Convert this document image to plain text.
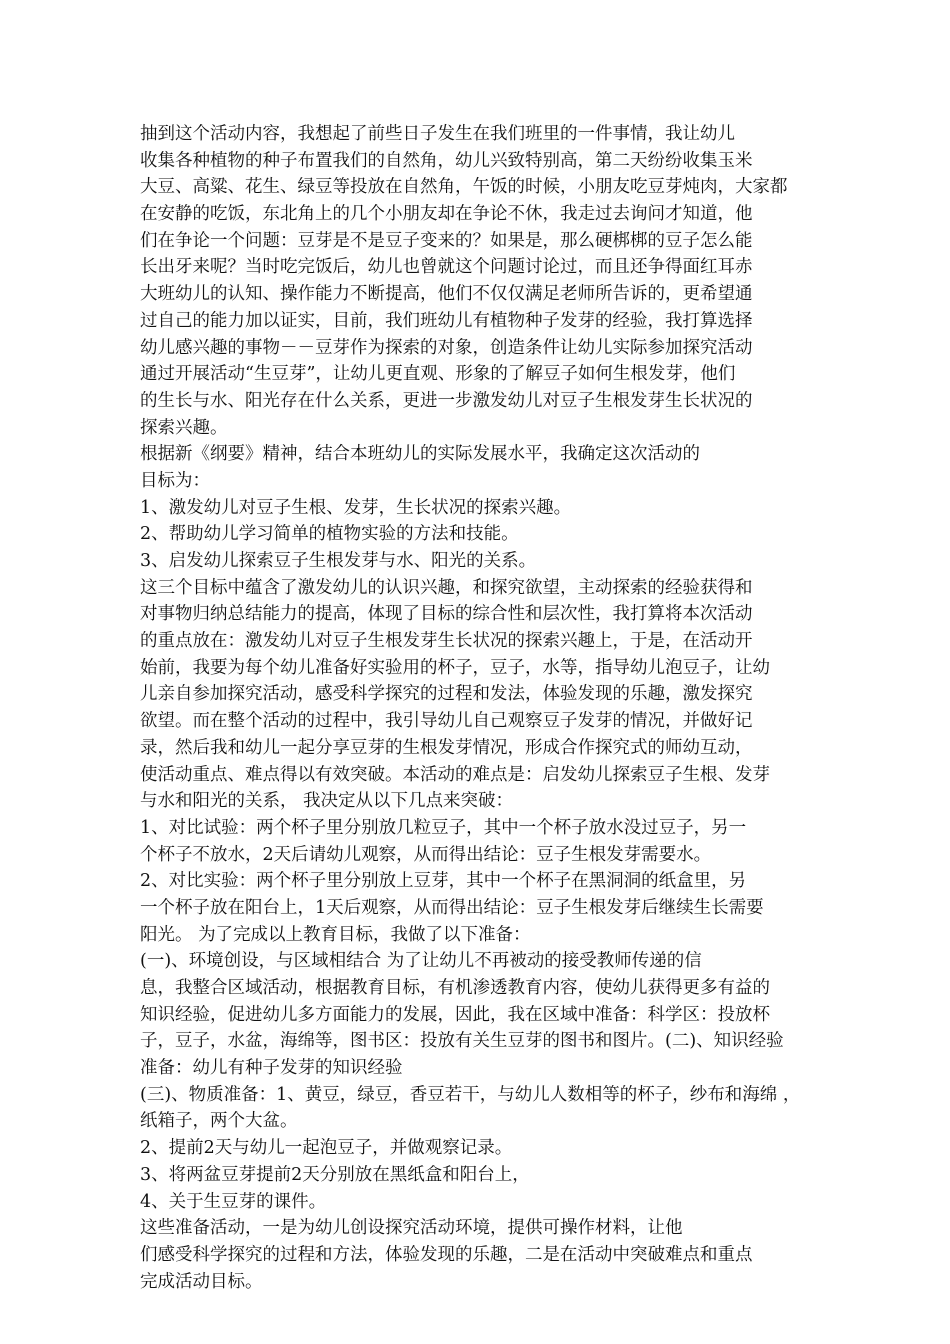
抽到这个活动内容，我想起了前些日子发生在我们班里的一件事情，我让幼儿
收集各种植物的种子布置我们的自然角，幼儿兴致特别高，第二天纷纷收集玉米
大豆、高粱、花生、绿豆等投放在自然角，午饭的时候，小朋友吃豆芽炖肉，大家都
在安静的吃饭，东北角上的几个小朋友却在争论不休，我走过去询问才知道，他
们在争论一个问题：豆芽是不是豆子变来的？如果是，那么硬梆梆的豆子怎么能
长出牙来呢？当时吃完饭后，幼儿也曾就这个问题讨论过，而且还争得面红耳赤
大班幼儿的认知、操作能力不断提高，他们不仅仅满足老师所告诉的，更希望通
过自己的能力加以证实，目前，我们班幼儿有植物种子发芽的经验，我打算选择
幼儿感兴趣的事物－－豆芽作为探索的对象，创造条件让幼儿实际参加探究活动
通过开展活动“生豆芽”，让幼儿更直观、形象的了解豆子如何生根发芽，他们
的生长与水、阳光存在什么关系，更进一步激发幼儿对豆子生根发芽生长状况的
探索兴趣。
根据新《纲要》精神，结合本班幼儿的实际发展水平，我确定这次活动的
目标为：
1、激发幼儿对豆子生根、发芽，生长状况的探索兴趣。
2、帮助幼儿学习简单的植物实验的方法和技能。
3、启发幼儿探索豆子生根发芽与水、阳光的关系。
这三个目标中蕴含了激发幼儿的认识兴趣，和探究欲望，主动探索的经验获得和
对事物归纳总结能力的提高，体现了目标的综合性和层次性，我打算将本次活动
的重点放在：激发幼儿对豆子生根发芽生长状况的探索兴趣上，于是，在活动开
始前，我要为每个幼儿准备好实验用的杯子，豆子，水等，指导幼儿泡豆子，让幼
儿亲自参加探究活动，感受科学探究的过程和发法，体验发现的乐趣，激发探究
欲望。而在整个活动的过程中，我引导幼儿自己观察豆子发芽的情况，并做好记
录，然后我和幼儿一起分享豆芽的生根发芽情况，形成合作探究式的师幼互动，
使活动重点、难点得以有效突破。本活动的难点是：启发幼儿探索豆子生根、发芽
与水和阳光的关系， 我决定从以下几点来突破：
1、对比试验：两个杯子里分别放几粒豆子，其中一个杯子放水没过豆子，另一
个杯子不放水，2天后请幼儿观察，从而得出结论：豆子生根发芽需要水。
2、对比实验：两个杯子里分别放上豆芽，其中一个杯子在黑洞洞的纸盒里，另
一个杯子放在阳台上，1天后观察，从而得出结论：豆子生根发芽后继续生长需要
阳光。 为了完成以上教育目标，我做了以下准备：
(一)、环境创设，与区域相结合 为了让幼儿不再被动的接受教师传递的信
息，我整合区域活动，根据教育目标，有机渗透教育内容，使幼儿获得更多有益的
知识经验，促进幼儿多方面能力的发展，因此，我在区域中准备：科学区：投放杯
子，豆子，水盆，海绵等，图书区：投放有关生豆芽的图书和图片。(二)、知识经验
准备：幼儿有种子发芽的知识经验
(三)、物质准备：1、黄豆，绿豆，香豆若干，与幼儿人数相等的杯子，纱布和海绵 ，
纸箱子，两个大盆。
2、提前2天与幼儿一起泡豆子，并做观察记录。
3、将两盆豆芽提前2天分别放在黑纸盒和阳台上，
4、关于生豆芽的课件。
这些准备活动，一是为幼儿创设探究活动环境，提供可操作材料，让他
们感受科学探究的过程和方法，体验发现的乐趣，二是在活动中突破难点和重点
完成活动目标。
